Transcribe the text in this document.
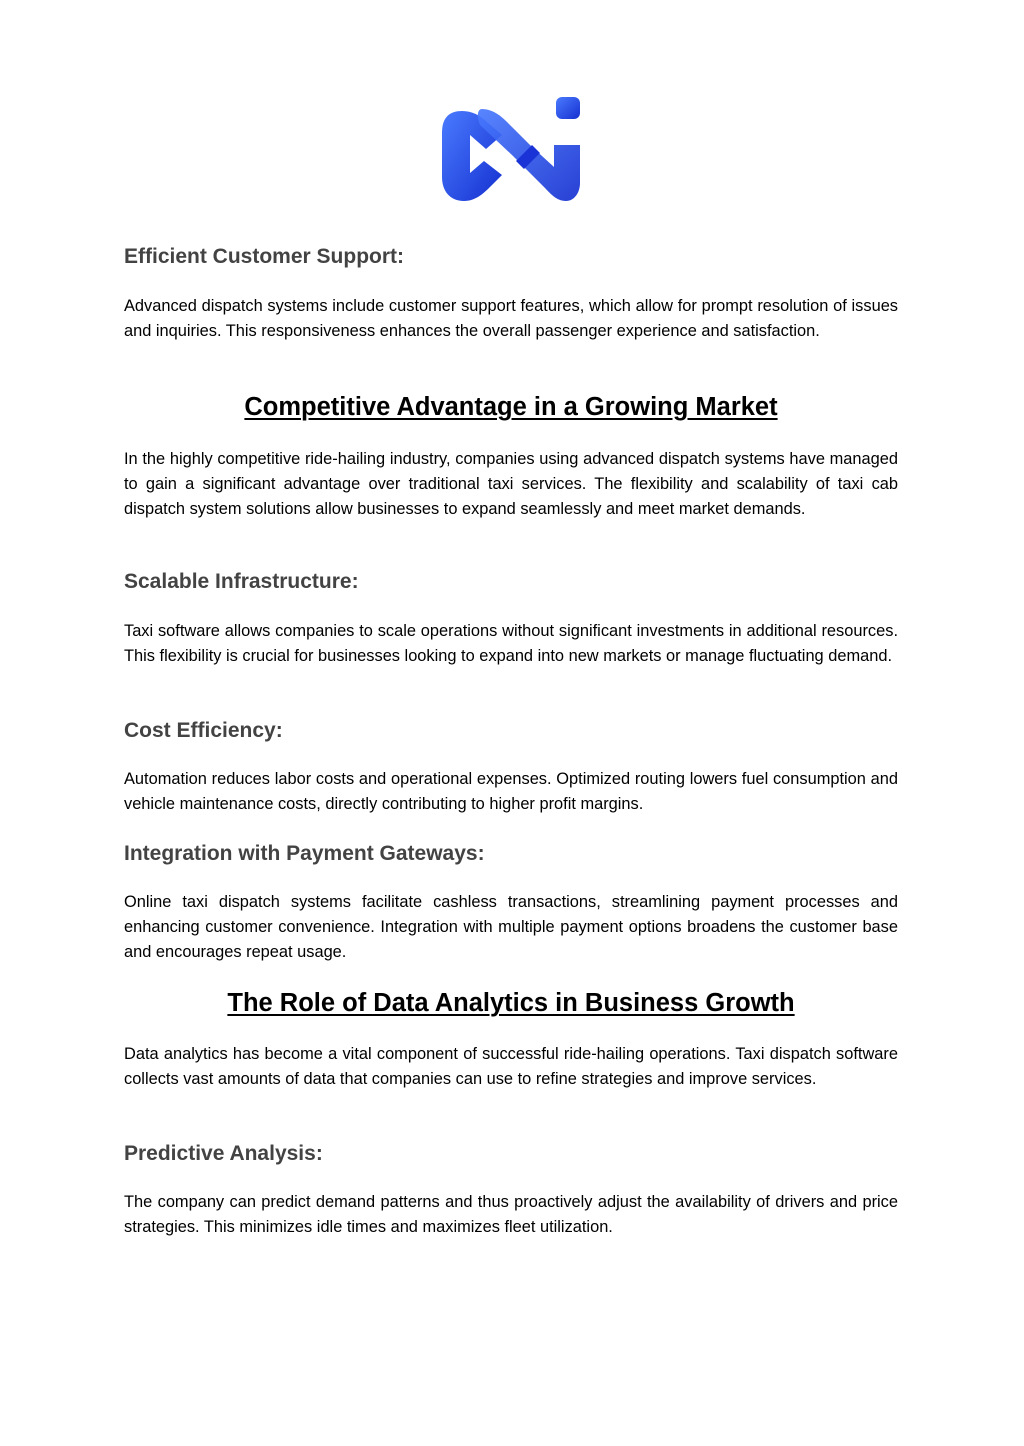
Efficient Customer Support:

Advanced dispatch systems include customer support features, which allow for prompt resolution of issues and inquiries. This responsiveness enhances the overall passenger experience and satisfaction.

Competitive Advantage in a Growing Market

In the highly competitive ride-hailing industry, companies using advanced dispatch systems have managed to gain a significant advantage over traditional taxi services. The flexibility and scalability of taxi cab dispatch system solutions allow businesses to expand seamlessly and meet market demands.

Scalable Infrastructure:

Taxi software allows companies to scale operations without significant investments in additional resources. This flexibility is crucial for businesses looking to expand into new markets or manage fluctuating demand.

Cost Efficiency:

Automation reduces labor costs and operational expenses. Optimized routing lowers fuel consumption and vehicle maintenance costs, directly contributing to higher profit margins.

Integration with Payment Gateways:

Online taxi dispatch systems facilitate cashless transactions, streamlining payment processes and enhancing customer convenience. Integration with multiple payment options broadens the customer base and encourages repeat usage.

The Role of Data Analytics in Business Growth

Data analytics has become a vital component of successful ride-hailing operations. Taxi dispatch software collects vast amounts of data that companies can use to refine strategies and improve services.

Predictive Analysis:

The company can predict demand patterns and thus proactively adjust the availability of drivers and price strategies. This minimizes idle times and maximizes fleet utilization.
